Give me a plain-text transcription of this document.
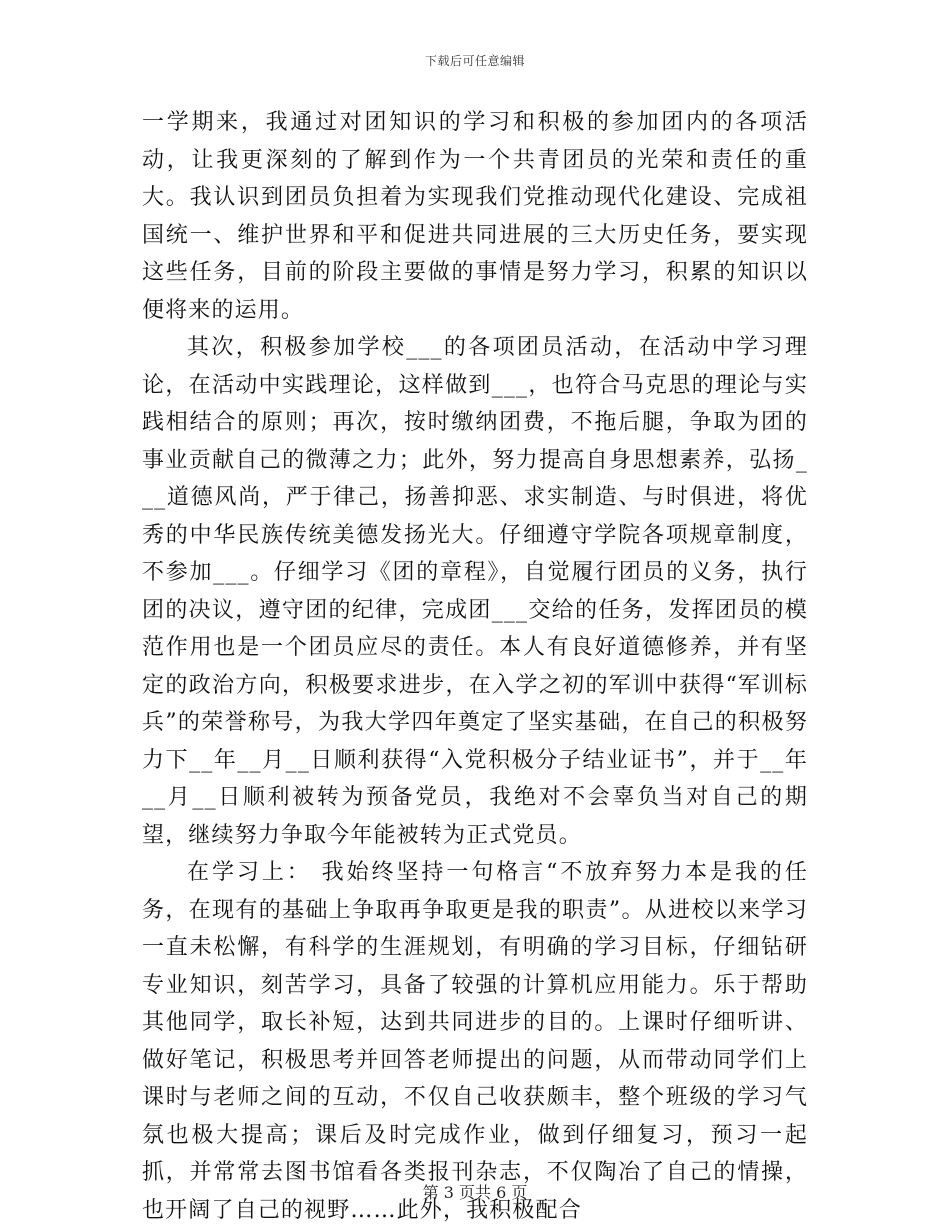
下载后可任意编辑

一学期来，我通过对团知识的学习和积极的参加团内的各项活动，让我更深刻的了解到作为一个共青团员的光荣和责任的重大。我认识到团员负担着为实现我们党推动现代化建设、完成祖国统一、维护世界和平和促进共同进展的三大历史任务，要实现这些任务，目前的阶段主要做的事情是努力学习，积累的知识以便将来的运用。

其次，积极参加学校___的各项团员活动，在活动中学习理论，在活动中实践理论，这样做到___，也符合马克思的理论与实践相结合的原则；再次，按时缴纳团费，不拖后腿，争取为团的事业贡献自己的微薄之力；此外，努力提高自身思想素养，弘扬___道德风尚，严于律己，扬善抑恶、求实制造、与时俱进，将优秀的中华民族传统美德发扬光大。仔细遵守学院各项规章制度，不参加___。仔细学习《团的章程》，自觉履行团员的义务，执行团的决议，遵守团的纪律，完成团___交给的任务，发挥团员的模范作用也是一个团员应尽的责任。本人有良好道德修养，并有坚定的政治方向，积极要求进步，在入学之初的军训中获得“军训标兵”的荣誉称号，为我大学四年奠定了坚实基础，在自己的积极努力下__年__月__日顺利获得“入党积极分子结业证书”，并于__年__月__日顺利被转为预备党员，我绝对不会辜负当对自己的期望，继续努力争取今年能被转为正式党员。

在学习上： 我始终坚持一句格言“不放弃努力本是我的任务，在现有的基础上争取再争取更是我的职责”。从进校以来学习一直未松懈，有科学的生涯规划，有明确的学习目标，仔细钻研专业知识，刻苦学习，具备了较强的计算机应用能力。乐于帮助其他同学，取长补短，达到共同进步的目的。上课时仔细听讲、做好笔记，积极思考并回答老师提出的问题，从而带动同学们上课时与老师之间的互动，不仅自己收获颇丰，整个班级的学习气氛也极大提高；课后及时完成作业，做到仔细复习，预习一起抓，并常常去图书馆看各类报刊杂志，不仅陶冶了自己的情操，也开阔了自己的视野……此外，我积极配合

第 3 页共 6 页
